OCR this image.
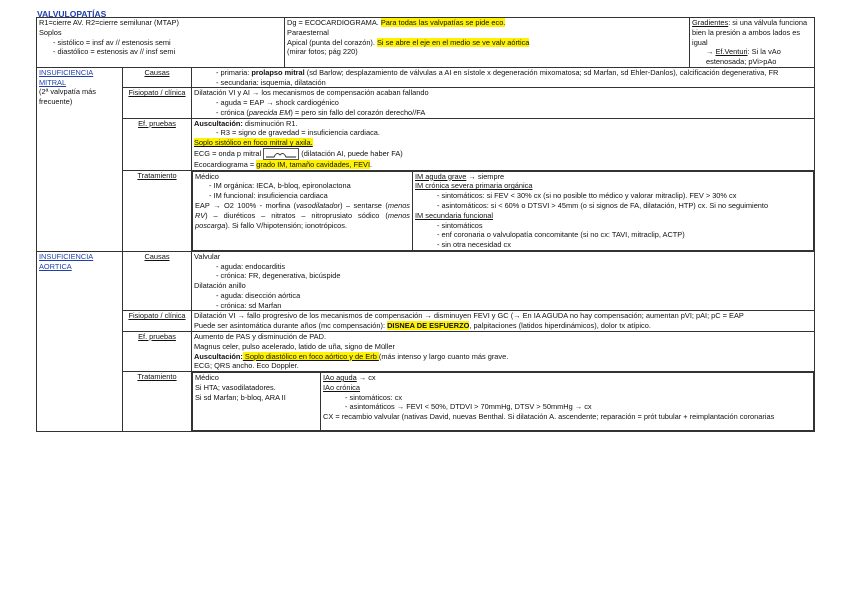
VALVULOPATÍAS
R1=cierre AV. R2=cierre semilunar (MTAP)
Soplos
- sistólico = insf av // estenosis semi
- diastólico = estenosis av // insf semi

Dg = ECOCARDIOGRAMA. Para todas las valvpatías se pide eco.
Paraesternal
Apical (punta del corazón). Si se abre el eje en el medio se ve valv aórtica
(mirar fotos; pág 220)

Gradientes: si una válvula funciona bien la presión a ambos lados es igual
→ Ef.Venturi: Si la vAo estenosada; pVi>pAo

INSUFICIENCIA MITRAL
(2ª valvpatía más frecuente)
	Causas	- primaria: prolapso mitral (sd Barlow; desplazamiento de válvulas a AI en sístole x degeneración mixomatosa; sd Marfan, sd Ehler-Danlos), calcificación degenerativa, FR
- secundaria: isquemia, dilatación

Fisiopato / clínica	Dilatación VI y AI → los mecanismos de compensación acaban fallando
- aguda = EAP → shock cardiogénico
- crónica (parecida EM) = pero sin fallo del corazón derecho//FA

Ef. pruebas	Auscultación: disminución R1.
- R3 = signo de gravedad = insuficiencia cardiaca.
Soplo sistólico en foco mitral y axila.
ECG = onda p mitral	(dilatación AI, puede haber FA)
Ecocardiograma = grado IM, tamaño cavidades, FEVI.

Tratamiento	Médico
- IM orgánica: IECA, b-bloq, epironolactona
- IM funcional: insuficiencia cardiaca
EAP → O2 100% - morfina (vasodilatador) – sentarse (menos RV) – diuréticos – nitratos – nitroprusiato sódico (menos poscarga). Si fallo V/hipotensión; ionotrópicos.

IM aguda grave → siempre
IM crónica severa primaria orgánica
- sintomáticos: si FEV < 30% cx (si no posible tto médico y valorar mitraclip). FEV > 30% cx
- asintomáticos: si < 60% o DTSVI > 45mm (o si signos de FA, dilatación, HTP) cx. Si no seguimiento
IM secundaria funcional
- sintomáticos
- enf coronaria o valvulopatía concomitante (si no cx: TAVI, mitraclip, ACTP)
- sin otra necesidad cx

INSUFICIENCIA AORTICA
	Causas	Valvular
- aguda: endocarditis
- crónica: FR, degenerativa, bicúspide
Dilatación anillo
- aguda: disección aórtica
- crónica: sd Marfan

Fisiopato / clínica	Dilatación VI → fallo progresivo de los mecanismos de compensación → disminuyen FEVI y GC (→ En IA AGUDA no hay compensación; aumentan pVI; pAI; pC = EAP
Puede ser asintomática durante años (mc compensación): DISNEA DE ESFUERZO, palpitaciones (latidos hiperdinámicos), dolor tx atípico.

Ef. pruebas	Aumento de PAS y disminución de PAD.
Magnus celer, pulso acelerado, latido de uña, signo de Müller
Auscultación: Soplo diastólico en foco aórtico y de Erb (más intenso y largo cuanto más grave.
ECG; QRS ancho. Eco Doppler.

Tratamiento	Médico
Si HTA; vasodilatadores.
Si sd Marfan; b-bloq, ARA II

IAo aguda → cx
IAo crónica
- sintomáticos: cx
- asintomáticos → FEVI < 50%, DTDVI > 70mmHg, DTSV > 50mmHg → cx
CX = recambio valvular (nativas David, nuevas Benthal. Si dilatación A. ascendente; reparación = prót tubular + reimplantación coronarias
